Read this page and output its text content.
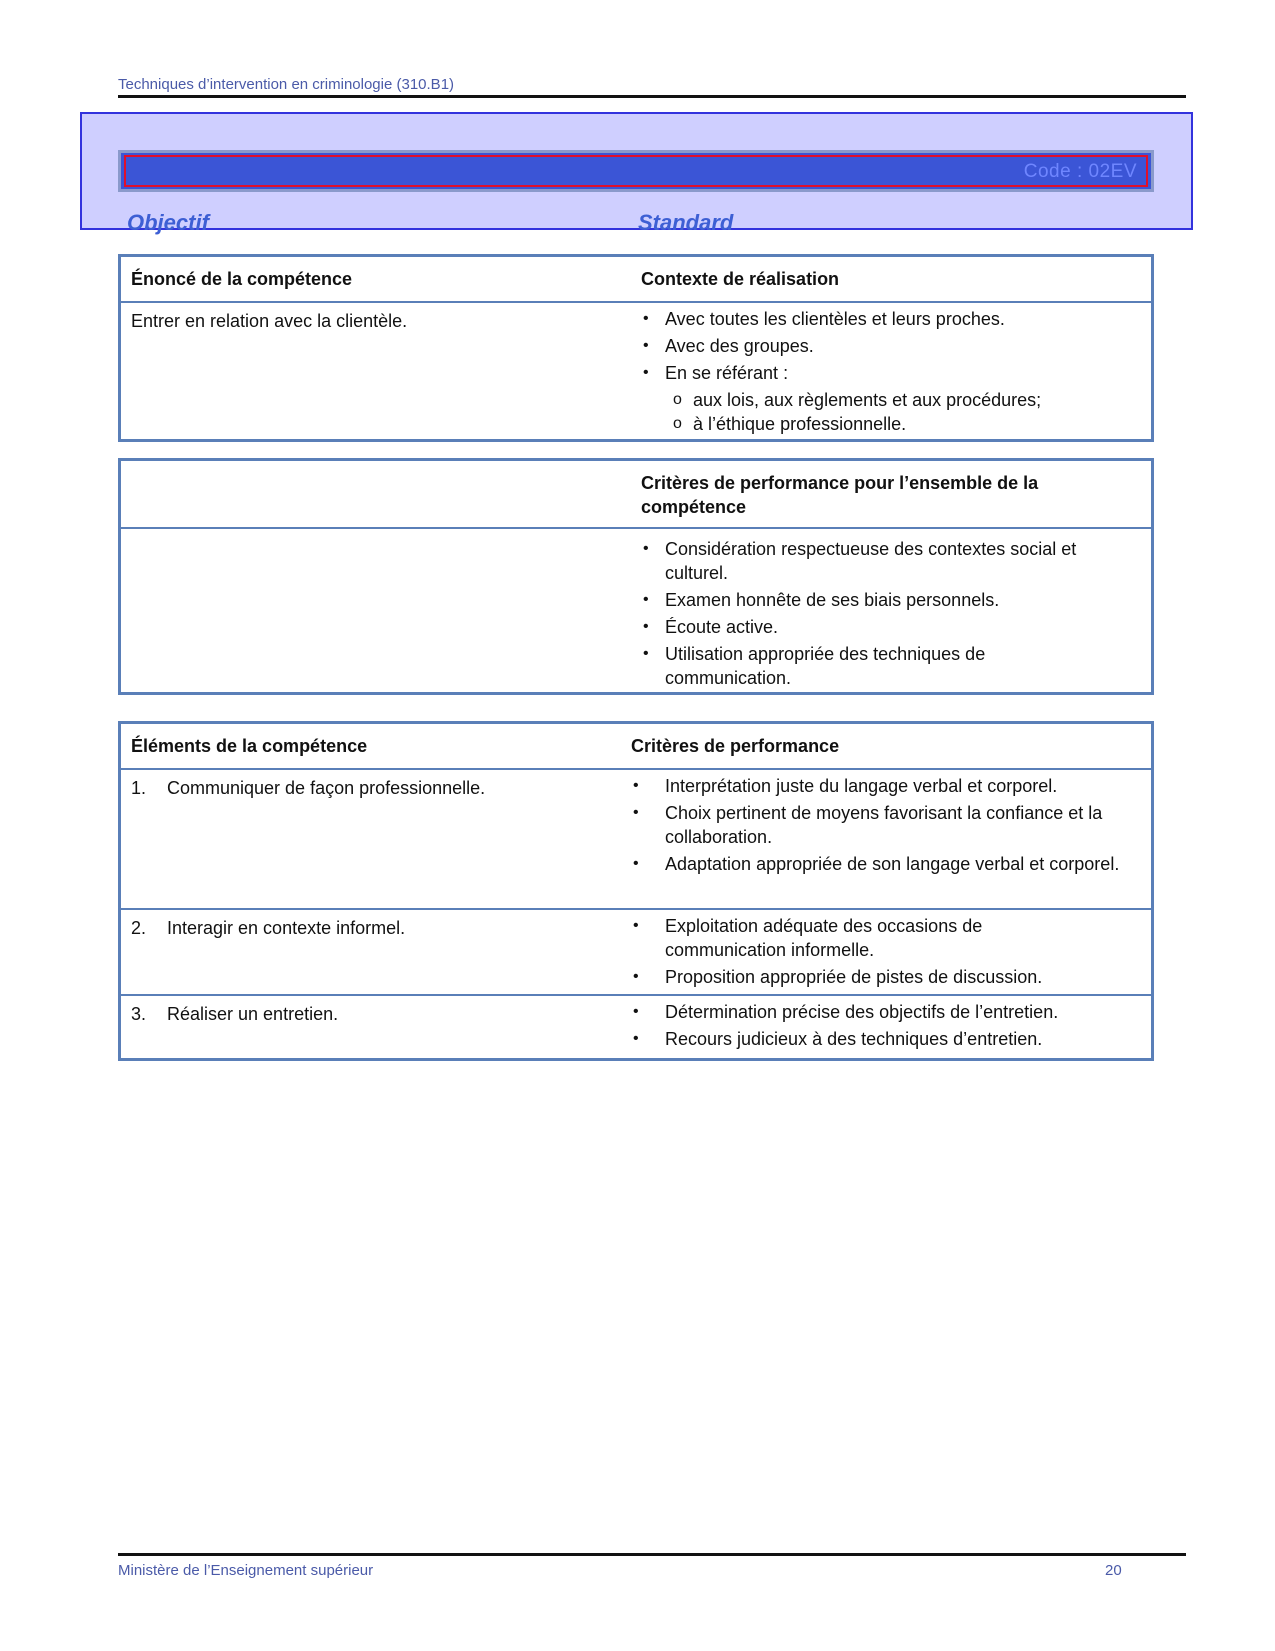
Techniques d’intervention en criminologie (310.B1)
Code : 02EV
Objectif	Standard
Énoncé de la compétence	Contexte de réalisation
Entrer en relation avec la clientèle.	• Avec toutes les clientèles et leurs proches.
• Avec des groupes.
• En se référant :
o aux lois, aux règlements et aux procédures;
o à l’éthique professionnelle.
Critères de performance pour l’ensemble de la compétence
• Considération respectueuse des contextes social et culturel.
• Examen honnête de ses biais personnels.
• Écoute active.
• Utilisation appropriée des techniques de communication.
Éléments de la compétence	Critères de performance
1. Communiquer de façon professionnelle.	• Interprétation juste du langage verbal et corporel.
• Choix pertinent de moyens favorisant la confiance et la collaboration.
• Adaptation appropriée de son langage verbal et corporel.
2. Interagir en contexte informel.	• Exploitation adéquate des occasions de communication informelle.
• Proposition appropriée de pistes de discussion.
3. Réaliser un entretien.	• Détermination précise des objectifs de l’entretien.
• Recours judicieux à des techniques d’entretien.
Ministère de l’Enseignement supérieur	20
